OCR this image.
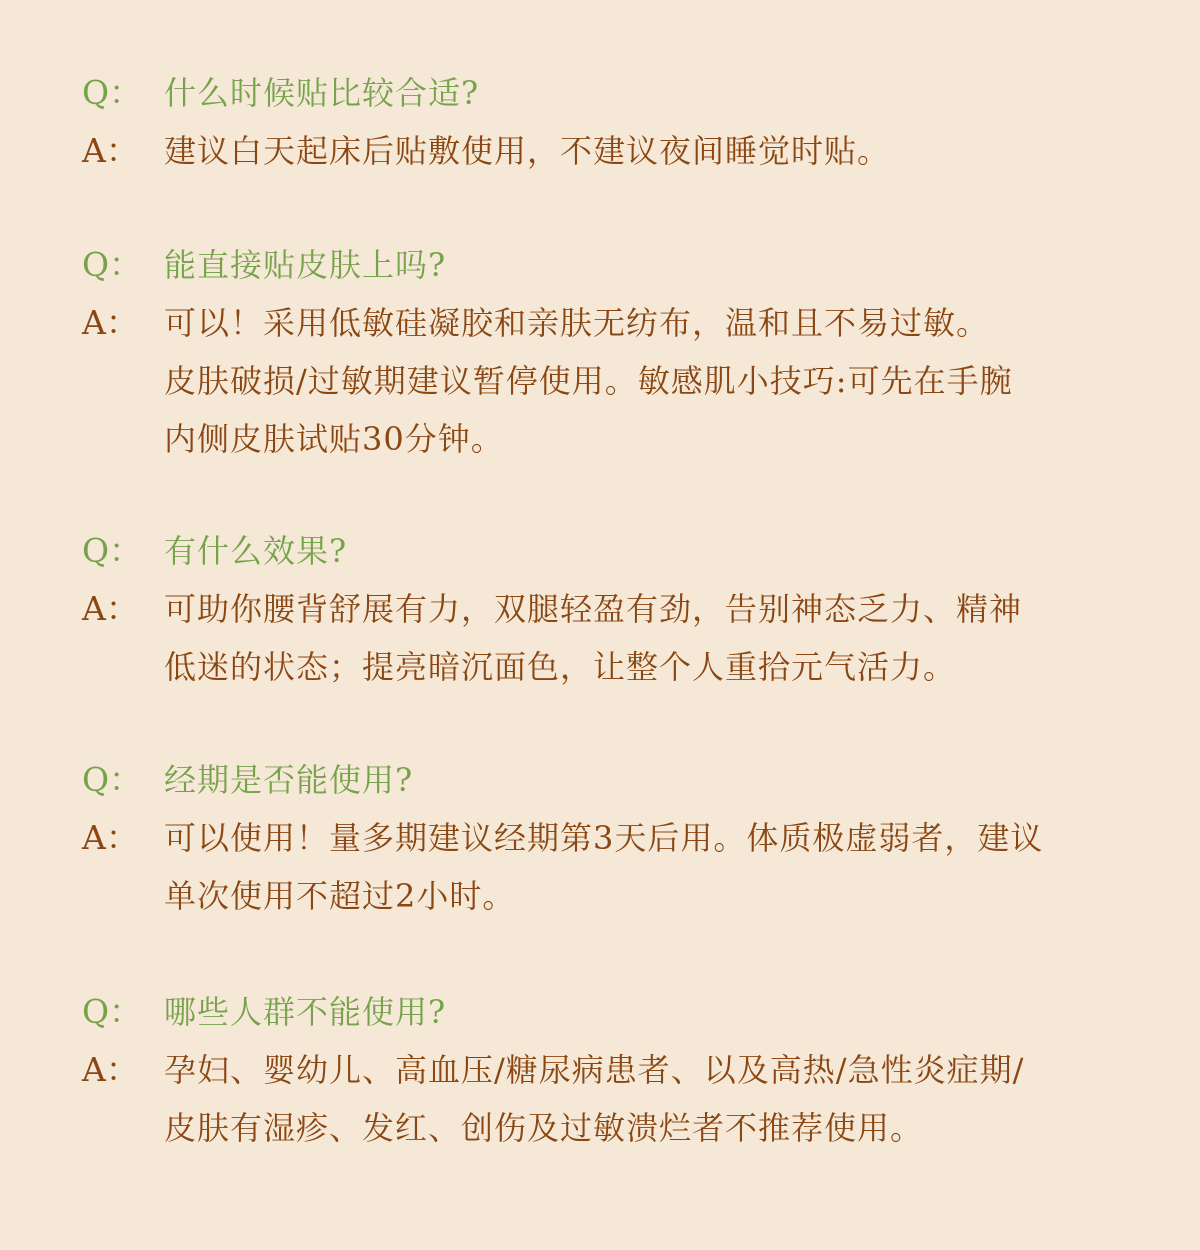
Q： 什么时候贴比较合适?
A： 建议白天起床后贴敷使用，不建议夜间睡觉时贴。
Q： 能直接贴皮肤上吗?
A： 可以！采用低敏硅凝胶和亲肤无纺布，温和且不易过敏。
皮肤破损/过敏期建议暂停使用。敏感肌小技巧:可先在手腕
内侧皮肤试贴30分钟。
Q： 有什么效果?
A： 可助你腰背舒展有力，双腿轻盈有劲，告别神态乏力、精神
低迷的状态；提亮暗沉面色，让整个人重拾元气活力。
Q： 经期是否能使用?
A： 可以使用！量多期建议经期第3天后用。体质极虚弱者，建议
单次使用不超过2小时。
Q： 哪些人群不能使用?
A： 孕妇、婴幼儿、高血压/糖尿病患者、以及高热/急性炎症期/
皮肤有湿疹、发红、创伤及过敏溃烂者不推荐使用。
